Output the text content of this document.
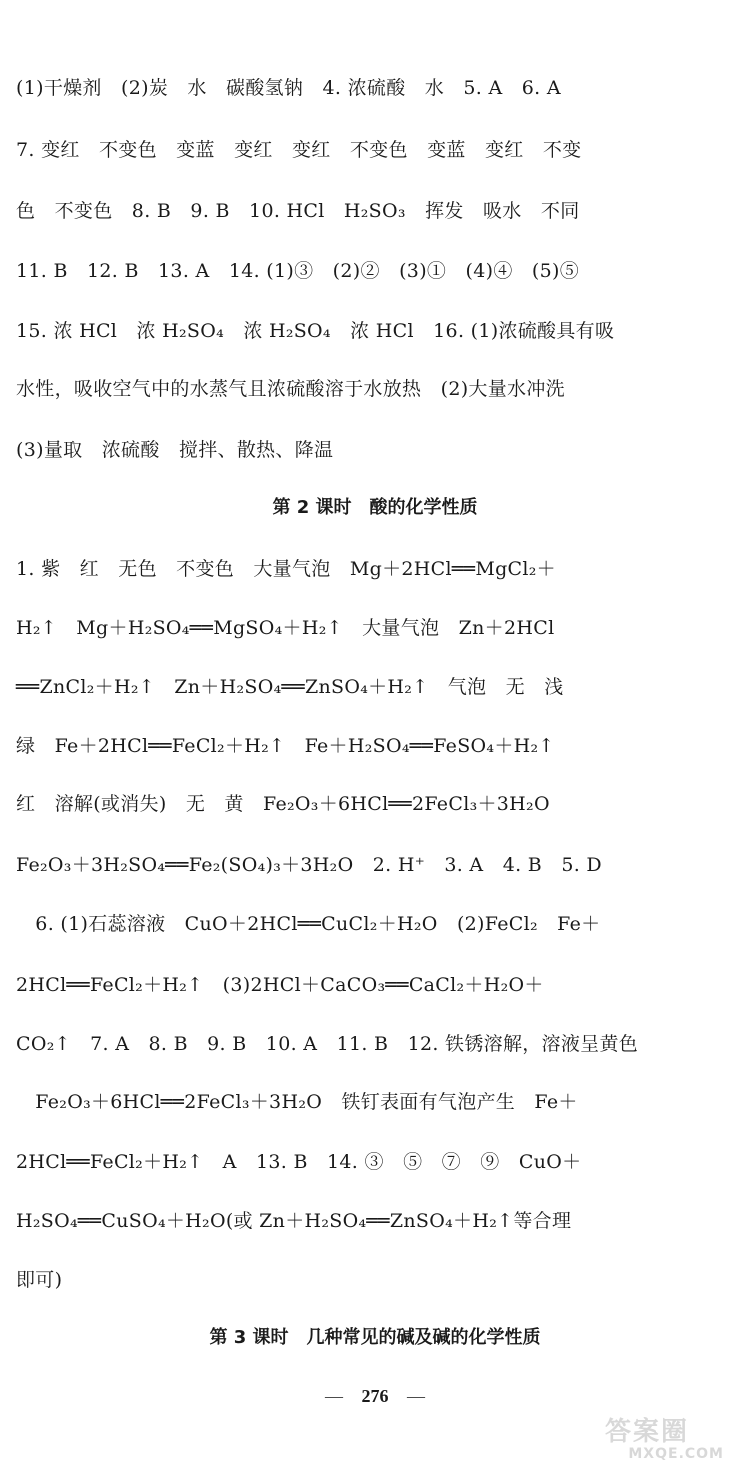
(1)干燥剂　(2)炭　水　碳酸氢钠　4. 浓硫酸　水　5. A　6. A
7. 变红　不变色　变蓝　变红　变红　不变色　变蓝　变红　不变
色　不变色　8. B　9. B　10. HCl　H₂SO₃　挥发　吸水　不同
11. B　12. B　13. A　14. (1)③　(2)②　(3)①　(4)④　(5)⑤
15. 浓 HCl　浓 H₂SO₄　浓 H₂SO₄　浓 HCl　16. (1)浓硫酸具有吸
水性，吸收空气中的水蒸气且浓硫酸溶于水放热　(2)大量水冲洗
(3)量取　浓硫酸　搅拌、散热、降温
第 2 课时　酸的化学性质
1. 紫　红　无色　不变色　大量气泡　Mg＋2HCl══MgCl₂＋
H₂↑　Mg＋H₂SO₄══MgSO₄＋H₂↑　大量气泡　Zn＋2HCl
══ZnCl₂＋H₂↑　Zn＋H₂SO₄══ZnSO₄＋H₂↑　气泡　无　浅
绿　Fe＋2HCl══FeCl₂＋H₂↑　Fe＋H₂SO₄══FeSO₄＋H₂↑
红　溶解(或消失)　无　黄　Fe₂O₃＋6HCl══2FeCl₃＋3H₂O
Fe₂O₃＋3H₂SO₄══Fe₂(SO₄)₃＋3H₂O　2. H⁺　3. A　4. B　5. D
　6. (1)石蕊溶液　CuO＋2HCl══CuCl₂＋H₂O　(2)FeCl₂　Fe＋
2HCl══FeCl₂＋H₂↑　(3)2HCl＋CaCO₃══CaCl₂＋H₂O＋
CO₂↑　7. A　8. B　9. B　10. A　11. B　12. 铁锈溶解，溶液呈黄色
　Fe₂O₃＋6HCl══2FeCl₃＋3H₂O　铁钉表面有气泡产生　Fe＋
2HCl══FeCl₂＋H₂↑　A　13. B　14. ③　⑤　⑦　⑨　CuO＋
H₂SO₄══CuSO₄＋H₂O(或 Zn＋H₂SO₄══ZnSO₄＋H₂↑等合理
即可)
第 3 课时　几种常见的碱及碱的化学性质
— 276 —
答案圈
MXQE.COM
